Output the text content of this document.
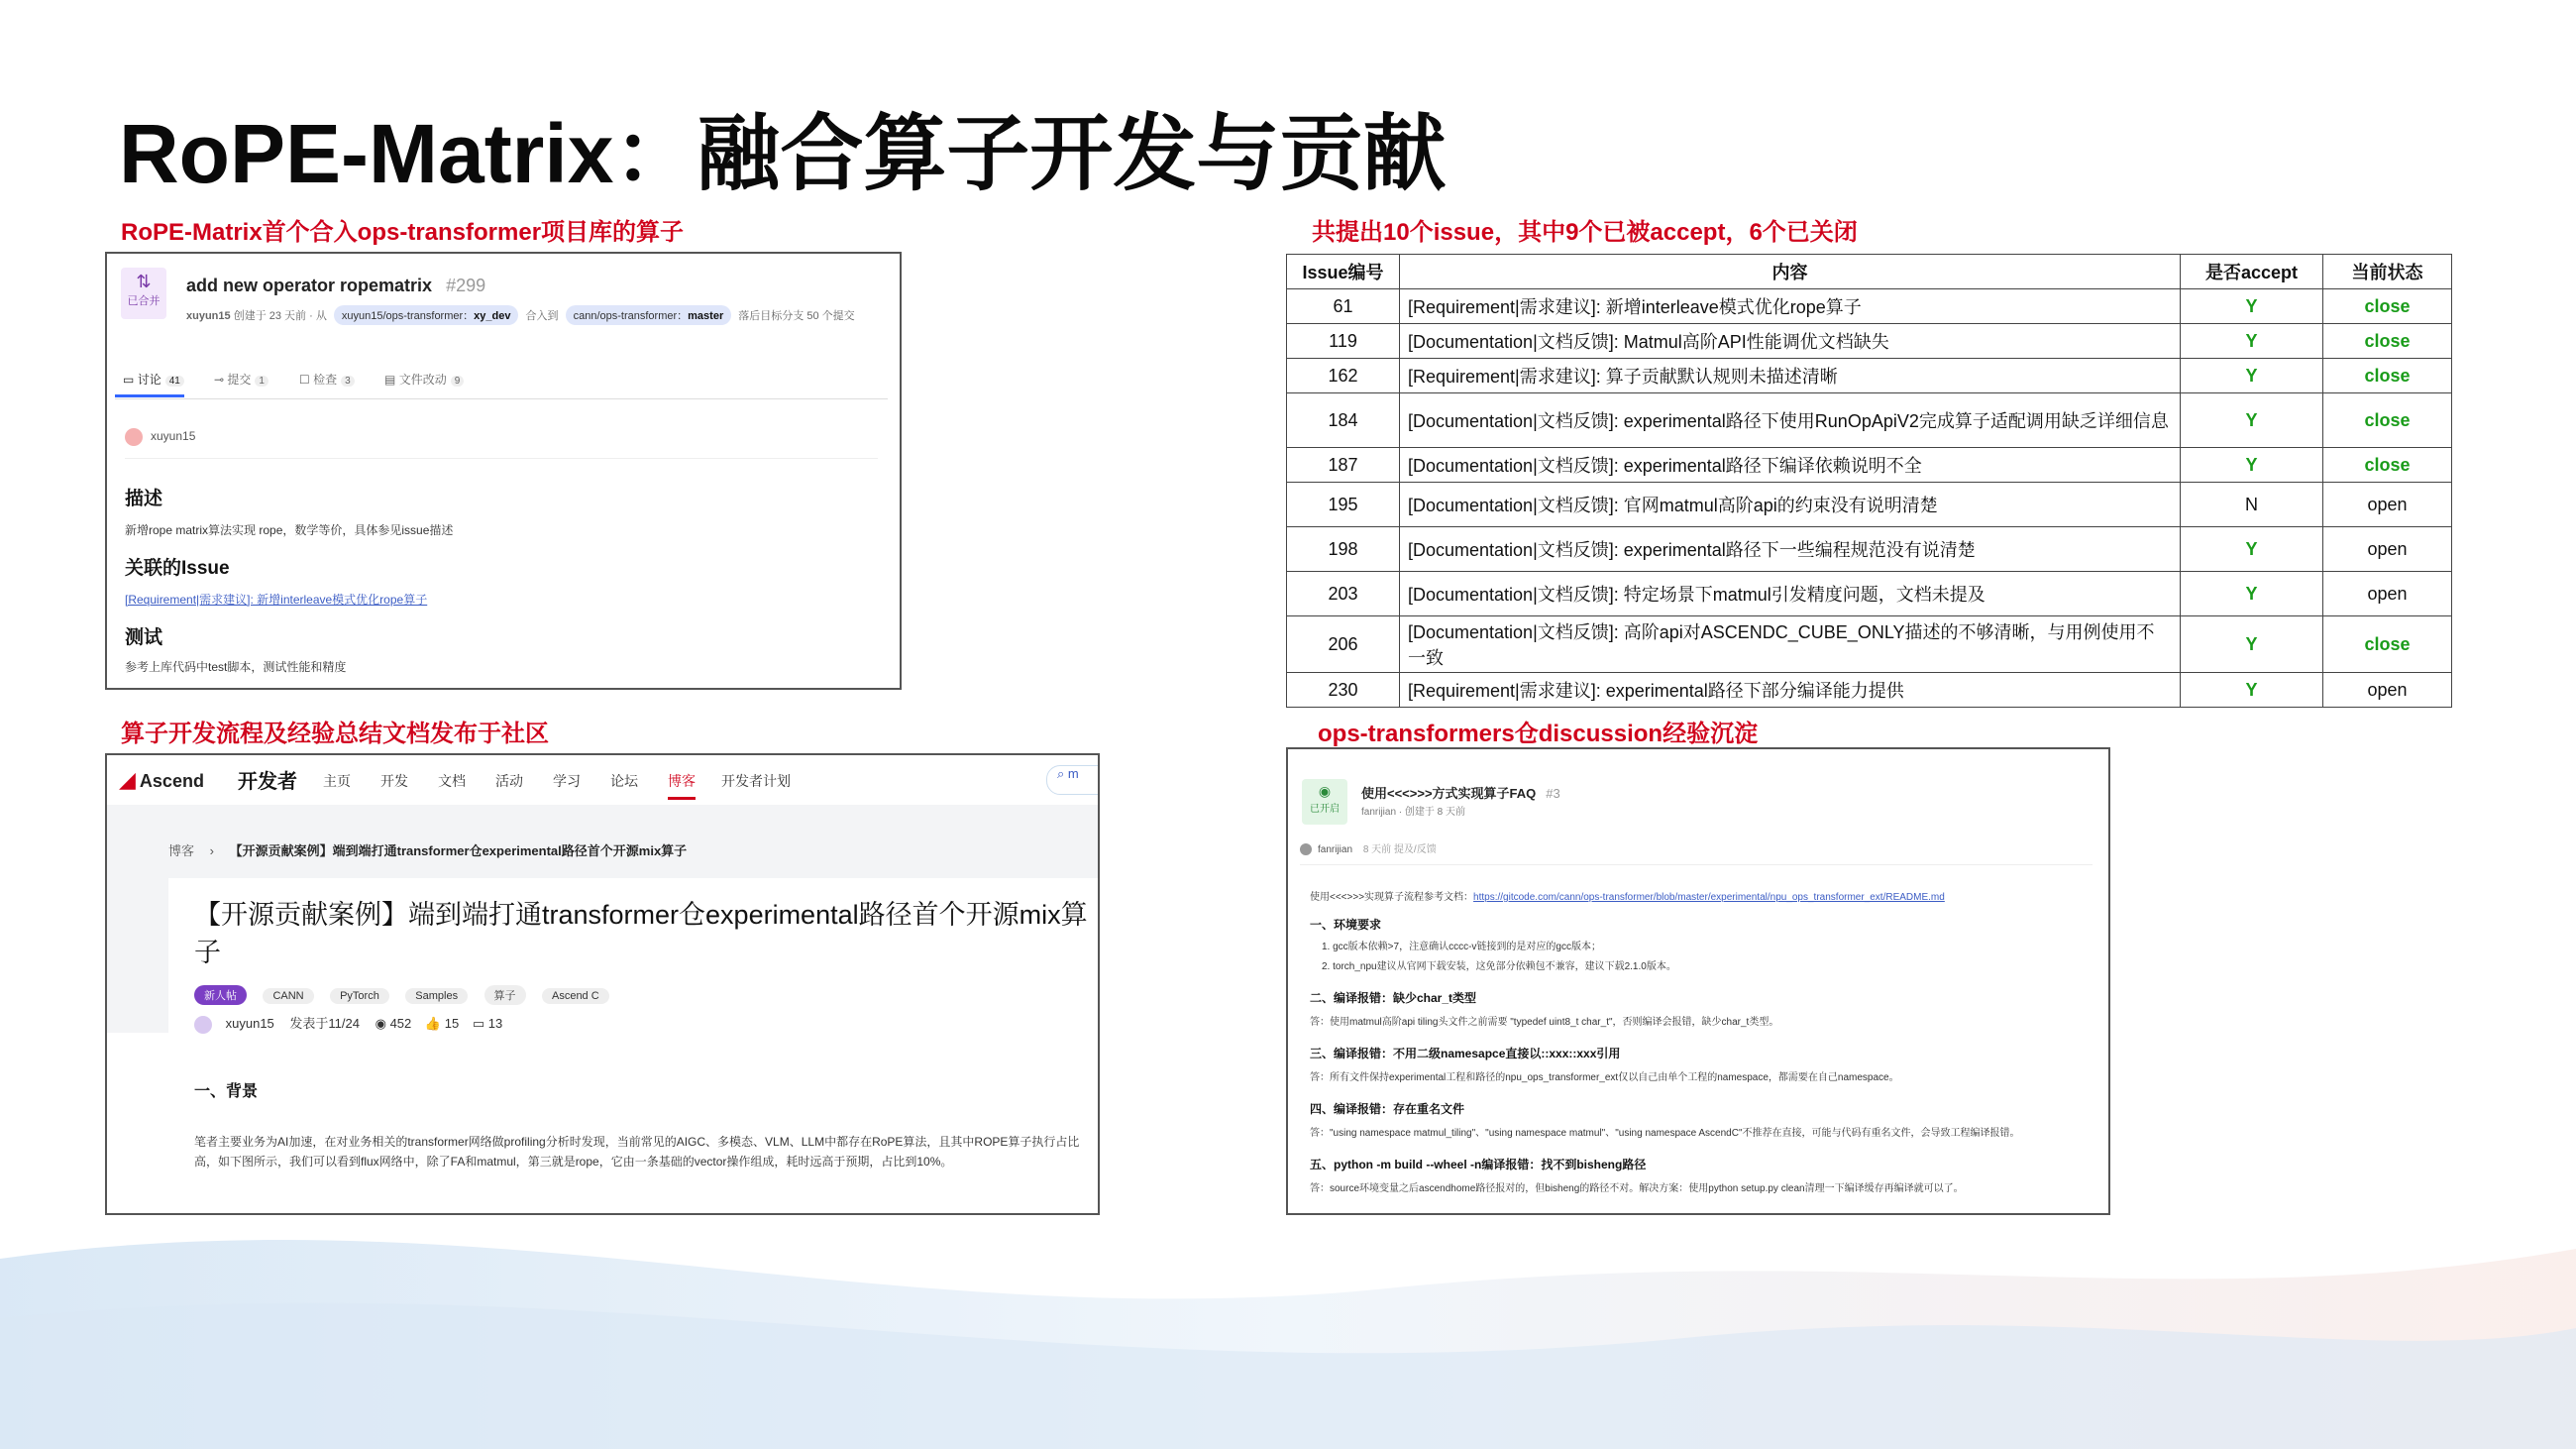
RoPE-Matrix：融合算子开发与贡献
RoPE-Matrix首个合入ops-transformer项目库的算子	共提出10个issue，其中9个已被accept，6个已关闭
算子开发流程及经验总结文档发布于社区	ops-transformers仓discussion经验沉淀
⇅
已合并
add new operator ropematrix #299
xuyun15 创建于 23 天前 · 从 xuyun15/ops-transformer：xy_dev 合入到 cann/ops-transformer：master 落后目标分支 50 个提交
▭ 讨论 41	⊸ 提交 1	☐ 检查 3	▤ 文件改动 9
xuyun15
描述
新增rope matrix算法实现 rope，数学等价，具体参见issue描述
关联的Issue
[Requirement|需求建议]: 新增interleave模式优化rope算子
测试
参考上库代码中test脚本，测试性能和精度
Issue编号	内容	是否accept	当前状态
61	[Requirement|需求建议]: 新增interleave模式优化rope算子	Y	close
119	[Documentation|文档反馈]: Matmul高阶API性能调优文档缺失	Y	close
162	[Requirement|需求建议]: 算子贡献默认规则未描述清晰	Y	close
184	[Documentation|文档反馈]: experimental路径下使用RunOpApiV2完成算子适配调用缺乏详细信息	Y	close
187	[Documentation|文档反馈]: experimental路径下编译依赖说明不全	Y	close
195	[Documentation|文档反馈]: 官网matmul高阶api的约束没有说明清楚	N	open
198	[Documentation|文档反馈]: experimental路径下一些编程规范没有说清楚	Y	open
203	[Documentation|文档反馈]: 特定场景下matmul引发精度问题，文档未提及	Y	open
206	[Documentation|文档反馈]: 高阶api对ASCENDC_CUBE_ONLY描述的不够清晰，与用例使用不一致	Y	close
230	[Requirement|需求建议]: experimental路径下部分编译能力提供	Y	open
◢ Ascend 开发者 主页 开发 文档 活动 学习 论坛 博客 开发者计划	⌕ m
博客 › 【开源贡献案例】端到端打通transformer仓experimental路径首个开源mix算子
【开源贡献案例】端到端打通transformer仓experimental路径首个开源mix算子
新人帖	CANN	PyTorch	Samples	算子	Ascend C
xuyun15 发表于11/24 ◉ 452 👍 15 ▭ 13
一、背景
笔者主要业务为AI加速，在对业务相关的transformer网络做profiling分析时发现，当前常见的AIGC、多模态、VLM、LLM中都存在RoPE算法，且其中ROPE算子执行占比高，如下图所示，我们可以看到flux网络中，除了FA和matmul，第三就是rope，它由一条基础的vector操作组成，耗时远高于预期，占比到10%。
◉
已开启
使用<<<>>>方式实现算子FAQ #3
fanrijian · 创建于 8 天前
fanrijian 8 天前 提及/反馈
使用<<<>>>实现算子流程参考文档：https://gitcode.com/cann/ops-transformer/blob/master/experimental/npu_ops_transformer_ext/README.md
一、环境要求
1. gcc版本依赖>7，注意确认cccc-v链接到的是对应的gcc版本；
2. torch_npu建议从官网下载安装，这免部分依赖包不兼容，建议下载2.1.0版本。
二、编译报错：缺少char_t类型
答：使用matmul高阶api tiling头文件之前需要 "typedef uint8_t char_t"，否则编译会报错，缺少char_t类型。
三、编译报错：不用二级namesapce直接以::xxx::xxx引用
答：所有文件保持experimental工程和路径的npu_ops_transformer_ext仅以自己由单个工程的namespace，都需要在自己namespace。
四、编译报错：存在重名文件
答："using namespace matmul_tiling"、"using namespace matmul"、"using namespace AscendC"不推荐在直接，可能与代码有重名文件，会导致工程编译报错。
五、python -m build --wheel -n编译报错：找不到bisheng路径
答：source环境变量之后ascendhome路径报对的，但bisheng的路径不对。解决方案：使用python setup.py clean清理一下编译缓存再编译就可以了。
